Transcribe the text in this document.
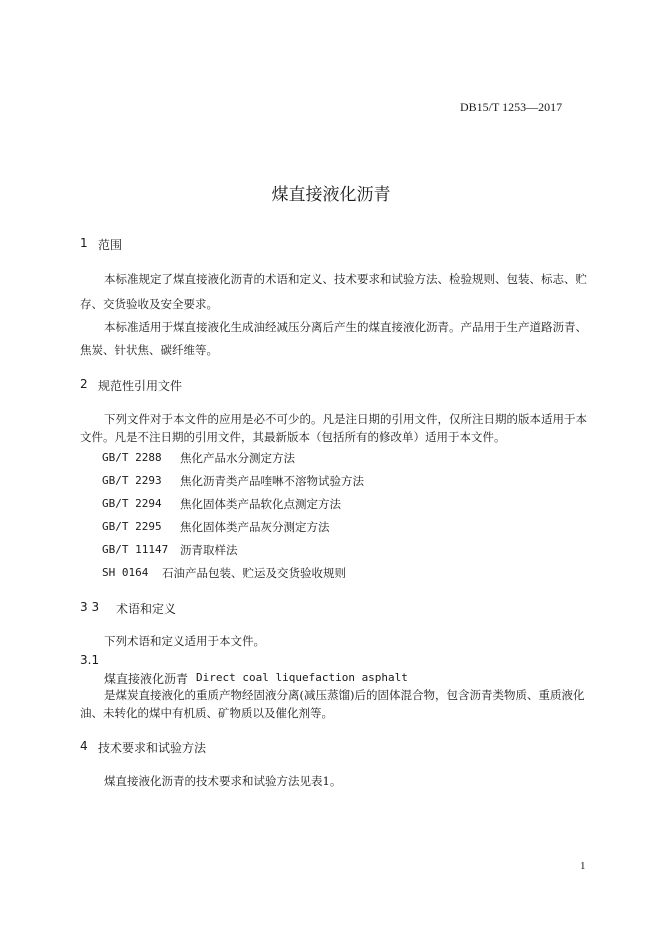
DB15/T 1253—2017
煤直接液化沥青
1 范围
本标准规定了煤直接液化沥青的术语和定义、技术要求和试验方法、检验规则、包装、标志、贮
存、交货验收及安全要求。
本标准适用于煤直接液化生成油经减压分离后产生的煤直接液化沥青。产品用于生产道路沥青、
焦炭、针状焦、碳纤维等。
2 规范性引用文件
下列文件对于本文件的应用是必不可少的。凡是注日期的引用文件，仅所注日期的版本适用于本
文件。凡是不注日期的引用文件，其最新版本（包括所有的修改单）适用于本文件。
GB/T 2288 焦化产品水分测定方法
GB/T 2293 焦化沥青类产品喹啉不溶物试验方法
GB/T 2294 焦化固体类产品软化点测定方法
GB/T 2295 焦化固体类产品灰分测定方法
GB/T 11147 沥青取样法
SH 0164 石油产品包装、贮运及交货验收规则
3 3 术语和定义
下列术语和定义适用于本文件。
3.1
煤直接液化沥青 Direct coal liquefaction asphalt
是煤炭直接液化的重质产物经固液分离(减压蒸馏)后的固体混合物，包含沥青类物质、重质液化
油、未转化的煤中有机质、矿物质以及催化剂等。
4 技术要求和试验方法
煤直接液化沥青的技术要求和试验方法见表1。
1
